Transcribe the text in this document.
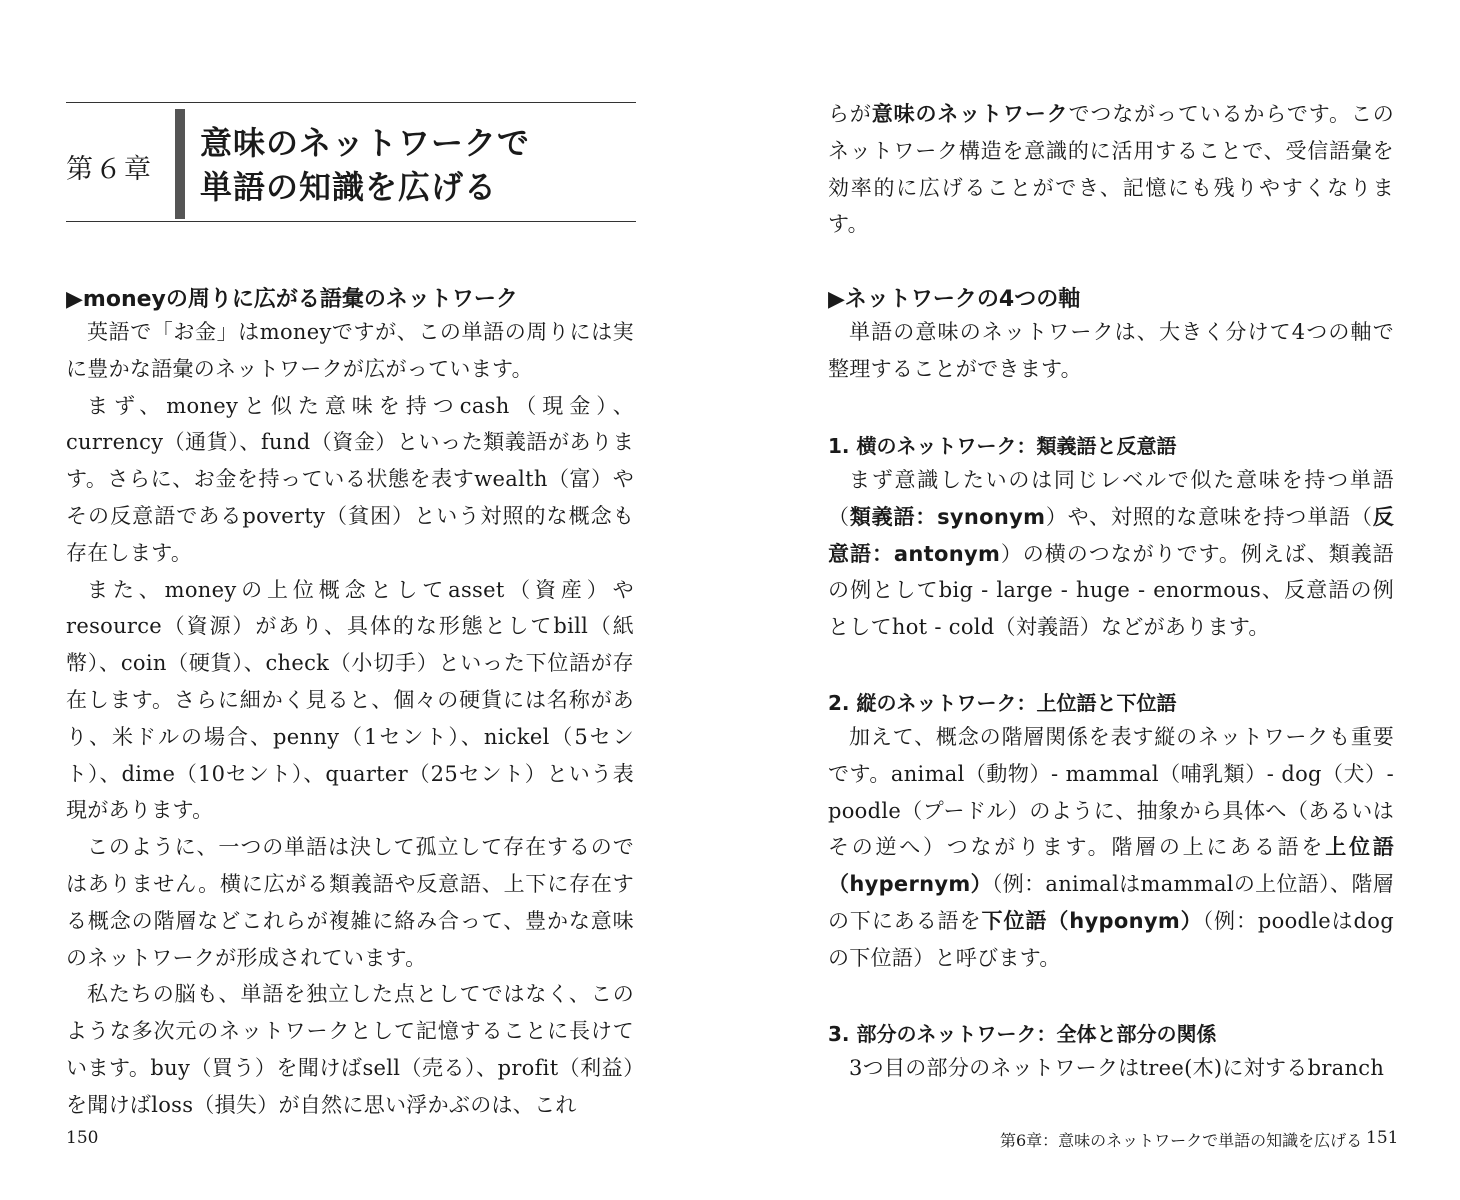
第６章
意味のネットワークで
単語の知識を広げる
▶moneyの周りに広がる語彙のネットワーク

英語で「お金」はmoneyですが、この単語の周りには実に豊かな語彙のネットワークが広がっています。

まず、moneyと似た意味を持つcash（現金）、currency（通貨）、fund（資金）といった類義語があります。さらに、お金を持っている状態を表すwealth（富）やその反意語であるpoverty（貧困）という対照的な概念も存在します。

また、moneyの上位概念としてasset（資産）やresource（資源）があり、具体的な形態としてbill（紙幣）、coin（硬貨）、check（小切手）といった下位語が存在します。さらに細かく見ると、個々の硬貨には名称があり、米ドルの場合、penny（1セント）、nickel（5セント）、dime（10セント）、quarter（25セント）という表現があります。

このように、一つの単語は決して孤立して存在するのではありません。横に広がる類義語や反意語、上下に存在する概念の階層などこれらが複雑に絡み合って、豊かな意味のネットワークが形成されています。

私たちの脳も、単語を独立した点としてではなく、このような多次元のネットワークとして記憶することに長けています。buy（買う）を聞けばsell（売る）、profit（利益）を聞けばloss（損失）が自然に思い浮かぶのは、これ

150

らが意味のネットワークでつながっているからです。このネットワーク構造を意識的に活用することで、受信語彙を効率的に広げることができ、記憶にも残りやすくなります。

▶ネットワークの4つの軸

単語の意味のネットワークは、大きく分けて4つの軸で整理することができます。

1. 横のネットワーク：類義語と反意語

まず意識したいのは同じレベルで似た意味を持つ単語（類義語：synonym）や、対照的な意味を持つ単語（反意語：antonym）の横のつながりです。例えば、類義語の例としてbig - large - huge - enormous、反意語の例としてhot - cold（対義語）などがあります。

2. 縦のネットワーク：上位語と下位語

加えて、概念の階層関係を表す縦のネットワークも重要です。animal（動物）- mammal（哺乳類）- dog（犬）- poodle（プードル）のように、抽象から具体へ（あるいはその逆へ）つながります。階層の上にある語を上位語（hypernym）（例：animalはmammalの上位語）、階層の下にある語を下位語（hyponym）（例：poodleはdogの下位語）と呼びます。

3. 部分のネットワーク：全体と部分の関係

3つ目の部分のネットワークはtree(木)に対するbranch

第6章：意味のネットワークで単語の知識を広げる 151
